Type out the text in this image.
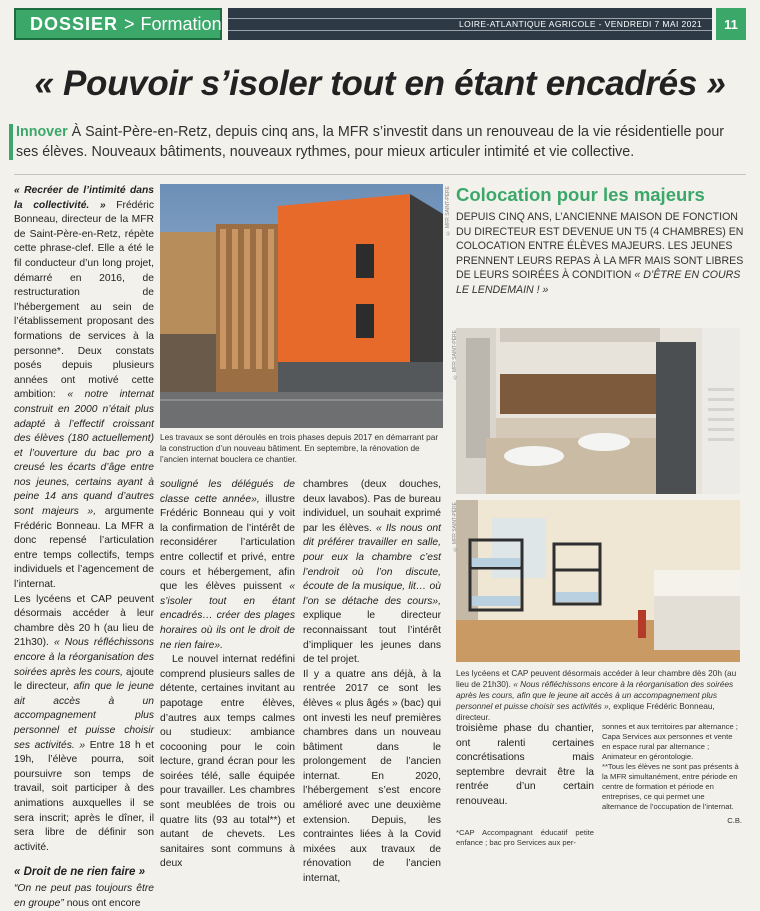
DOSSIER > Formation	LOIRE-ATLANTIQUE AGRICOLE - VENDREDI 7 MAI 2021	11
« Pouvoir s’isoler tout en étant encadrés »
Innover À Saint-Père-en-Retz, depuis cinq ans, la MFR s’investit dans un renouveau de la vie résidentielle pour ses élèves. Nouveaux bâtiments, nouveaux rythmes, pour mieux articuler intimité et vie collective.

« Recréer de l’intimité dans la collectivité. » Frédéric Bonneau, directeur de la MFR de Saint-Père-en-Retz, répète cette phrase-clef. Elle a été le fil conducteur d’un long projet, démarré en 2016, de restructuration de l’hébergement au sein de l’établissement proposant des formations de services à la personne*. Deux constats posés depuis plusieurs années ont motivé cette ambition: « notre internat construit en 2000 n’était plus adapté à l’effectif croissant des élèves (180 actuellement) et l’ouverture du bac pro a creusé les écarts d’âge entre nos jeunes, certains ayant à peine 14 ans quand d’autres sont majeurs », argumente Frédéric Bonneau. La MFR a donc repensé l’articulation entre temps collectifs, temps individuels et l’agencement de l’internat.

Les lycéens et CAP peuvent désormais accéder à leur chambre dès 20 h (au lieu de 21h30). « Nous réfléchissons encore à la réorganisation des soirées après les cours, ajoute le directeur, afin que le jeune ait accès à un accompagnement plus personnel et puisse choisir ses activités. » Entre 18 h et 19h, l’élève pourra, soit poursuivre son temps de travail, soit participer à des animations auxquelles il se sera inscrit; après le dîner, il sera libre de définir son activité.

« Droit de ne rien faire »

“On ne peut pas toujours être en groupe” nous ont encore

© MFR SAINT-PÈRE
Les travaux se sont déroulés en trois phases depuis 2017 en démarrant par la construction d’un nouveau bâtiment. En septembre, la rénovation de l’ancien internat bouclera ce chantier.

souligné les délégués de classe cette année», illustre Frédéric Bonneau qui y voit la confirmation de l’intérêt de reconsidérer l’articulation entre collectif et privé, entre cours et hébergement, afin que les élèves puissent « s’isoler tout en étant encadrés… créer des plages horaires où ils ont le droit de ne rien faire».

Le nouvel internat redéfini comprend plusieurs salles de détente, certaines invitant au papotage entre élèves, d’autres aux temps calmes ou studieux: ambiance cocooning pour le coin lecture, grand écran pour les soirées télé, salle équipée pour travailler. Les chambres sont meublées de trois ou quatre lits (93 au total**) et autant de chevets. Les sanitaires sont communs à deux

chambres (deux douches, deux lavabos). Pas de bureau individuel, un souhait exprimé par les élèves. « Ils nous ont dit préférer travailler en salle, pour eux la chambre c’est l’endroit où l’on discute, écoute de la musique, lit… où l’on se détache des cours», explique le directeur reconnaissant tout l’intérêt d’impliquer les jeunes dans de tel projet.

Il y a quatre ans déjà, à la rentrée 2017 ce sont les élèves « plus âgés » (bac) qui ont investi les neuf premières chambres dans un nouveau bâtiment dans le prolongement de l’ancien internat. En 2020, l’hébergement s’est encore amélioré avec une deuxième extension. Depuis, les contraintes liées à la Covid mixées aux travaux de rénovation de l’ancien internat,

Colocation pour les majeurs
DEPUIS CINQ ANS, L’ANCIENNE MAISON DE FONCTION DU DIRECTEUR EST DEVENUE UN T5 (4 CHAMBRES) EN COLOCATION ENTRE ÉLÈVES MAJEURS. LES JEUNES PRENNENT LEURS REPAS À LA MFR MAIS SONT LIBRES DE LEURS SOIRÉES À CONDITION « D’ÊTRE EN COURS LE LENDEMAIN ! »
© MFR SAINT-PÈRE
© MFR SAINT-PÈRE
Les lycéens et CAP peuvent désormais accéder à leur chambre dès 20h (au lieu de 21h30). « Nous réfléchissons encore à la réorganisation des soirées après les cours, afin que le jeune ait accès à un accompagnement plus personnel et puisse choisir ses activités », explique Frédéric Bonneau, directeur.

troisième phase du chantier, ont ralenti certaines concrétisations mais septembre devrait être la rentrée d’un certain renouveau.

*CAP Accompagnant éducatif petite enfance ; bac pro Services aux per-

sonnes et aux territoires par alternance ; Capa Services aux personnes et vente en espace rural par alternance ; Animateur en gérontologie.

**Tous les élèves ne sont pas présents à la MFR simultanément, entre période en centre de formation et période en entreprises, ce qui permet une alternance de l’occupation de l’internat.

C.B.
